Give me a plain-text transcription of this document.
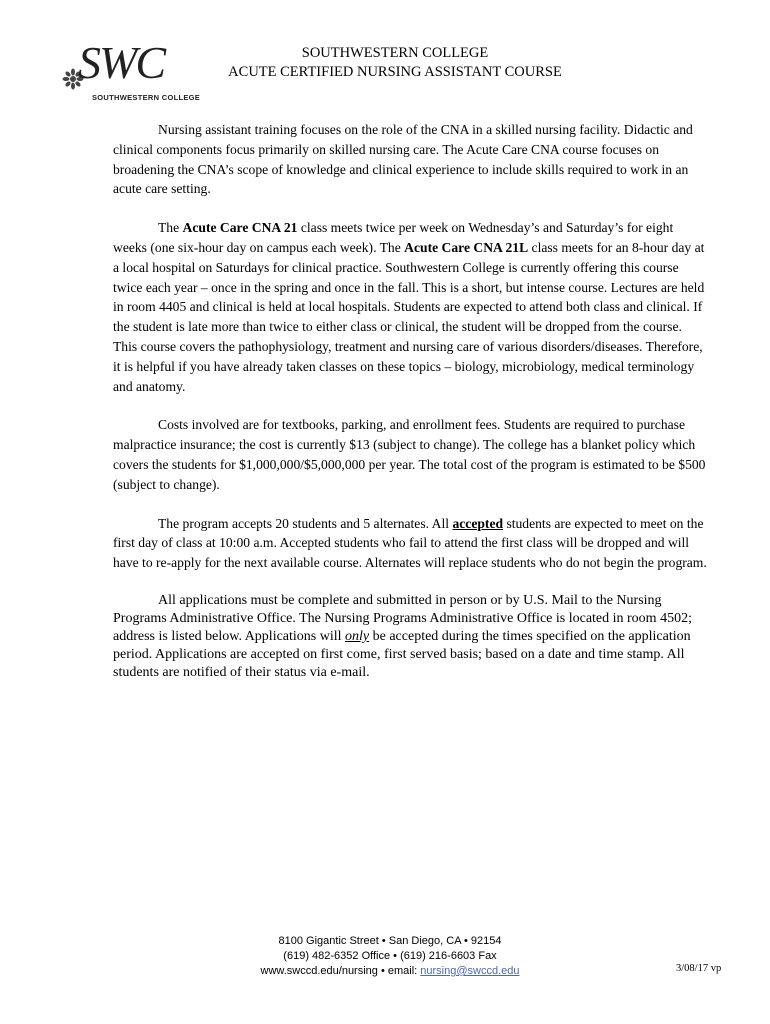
SWC
SOUTHWESTERN COLLEGE
SOUTHWESTERN COLLEGE
ACUTE CERTIFIED NURSING ASSISTANT COURSE

Nursing assistant training focuses on the role of the CNA in a skilled nursing facility. Didactic and clinical components focus primarily on skilled nursing care. The Acute Care CNA course focuses on broadening the CNA’s scope of knowledge and clinical experience to include skills required to work in an acute care setting.

The Acute Care CNA 21 class meets twice per week on Wednesday’s and Saturday’s for eight weeks (one six-hour day on campus each week). The Acute Care CNA 21L class meets for an 8-hour day at a local hospital on Saturdays for clinical practice. Southwestern College is currently offering this course twice each year – once in the spring and once in the fall. This is a short, but intense course. Lectures are held in room 4405 and clinical is held at local hospitals. Students are expected to attend both class and clinical. If the student is late more than twice to either class or clinical, the student will be dropped from the course. This course covers the pathophysiology, treatment and nursing care of various disorders/diseases. Therefore, it is helpful if you have already taken classes on these topics – biology, microbiology, medical terminology and anatomy.

Costs involved are for textbooks, parking, and enrollment fees. Students are required to purchase malpractice insurance; the cost is currently $13 (subject to change). The college has a blanket policy which covers the students for $1,000,000/$5,000,000 per year. The total cost of the program is estimated to be $500 (subject to change).

The program accepts 20 students and 5 alternates. All accepted students are expected to meet on the first day of class at 10:00 a.m. Accepted students who fail to attend the first class will be dropped and will have to re-apply for the next available course. Alternates will replace students who do not begin the program.

All applications must be complete and submitted in person or by U.S. Mail to the Nursing Programs Administrative Office. The Nursing Programs Administrative Office is located in room 4502; address is listed below. Applications will only be accepted during the times specified on the application period. Applications are accepted on first come, first served basis; based on a date and time stamp. All students are notified of their status via e-mail.

8100 Gigantic Street • San Diego, CA • 92154
(619) 482-6352 Office • (619) 216-6603 Fax
www.swccd.edu/nursing • email: nursing@swccd.edu	3/08/17 vp
